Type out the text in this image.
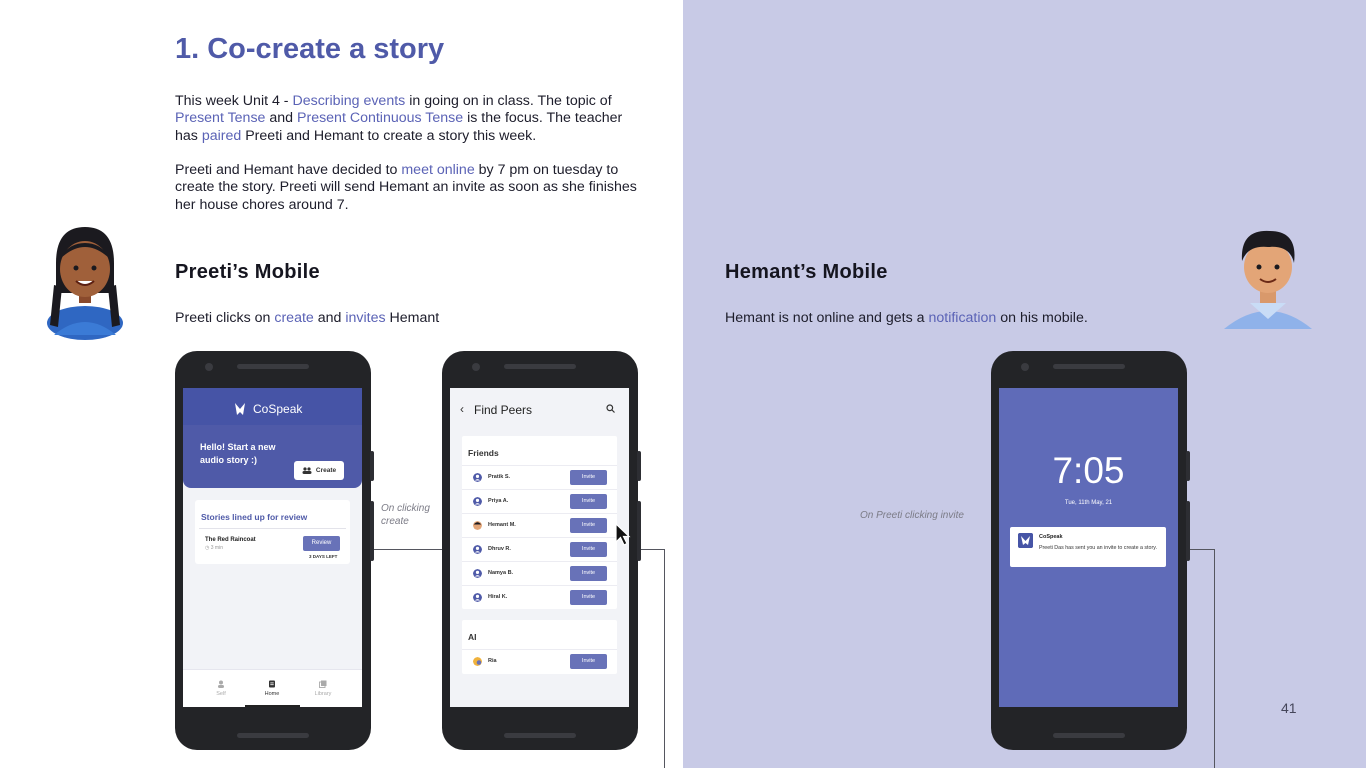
1. Co-create a story
This week Unit 4 - Describing events in going on in class. The topic of Present Tense and Present Continuous Tense is the focus. The teacher has paired Preeti and Hemant to create a story this week.
Preeti and Hemant have decided to meet online by 7 pm on tuesday to create the story. Preeti will send Hemant an invite as soon as she finishes her house chores around 7.
Preeti’s Mobile
Preeti clicks on create and invites Hemant
Hemant’s Mobile
Hemant is not online and gets a notification on his mobile.
On clicking create
On Preeti clicking invite
CoSpeak
Hello! Start a new audio story :)
Create
Stories lined up for review
The Red Raincoat
◷ 3 min
Review
3 DAYS LEFT
Self	Home	Library
‹ Find Peers
Friends
Pratik S.	Invite
Priya A.	Invite
Hemant M.	Invite
Dhruv R.	Invite
Namya B.	Invite
Hiral K.	Invite
AI
Ria	Invite
7:05
Tue, 11th May, 21
CoSpeak
Preeti Das has sent you an invite to create a story.
41
